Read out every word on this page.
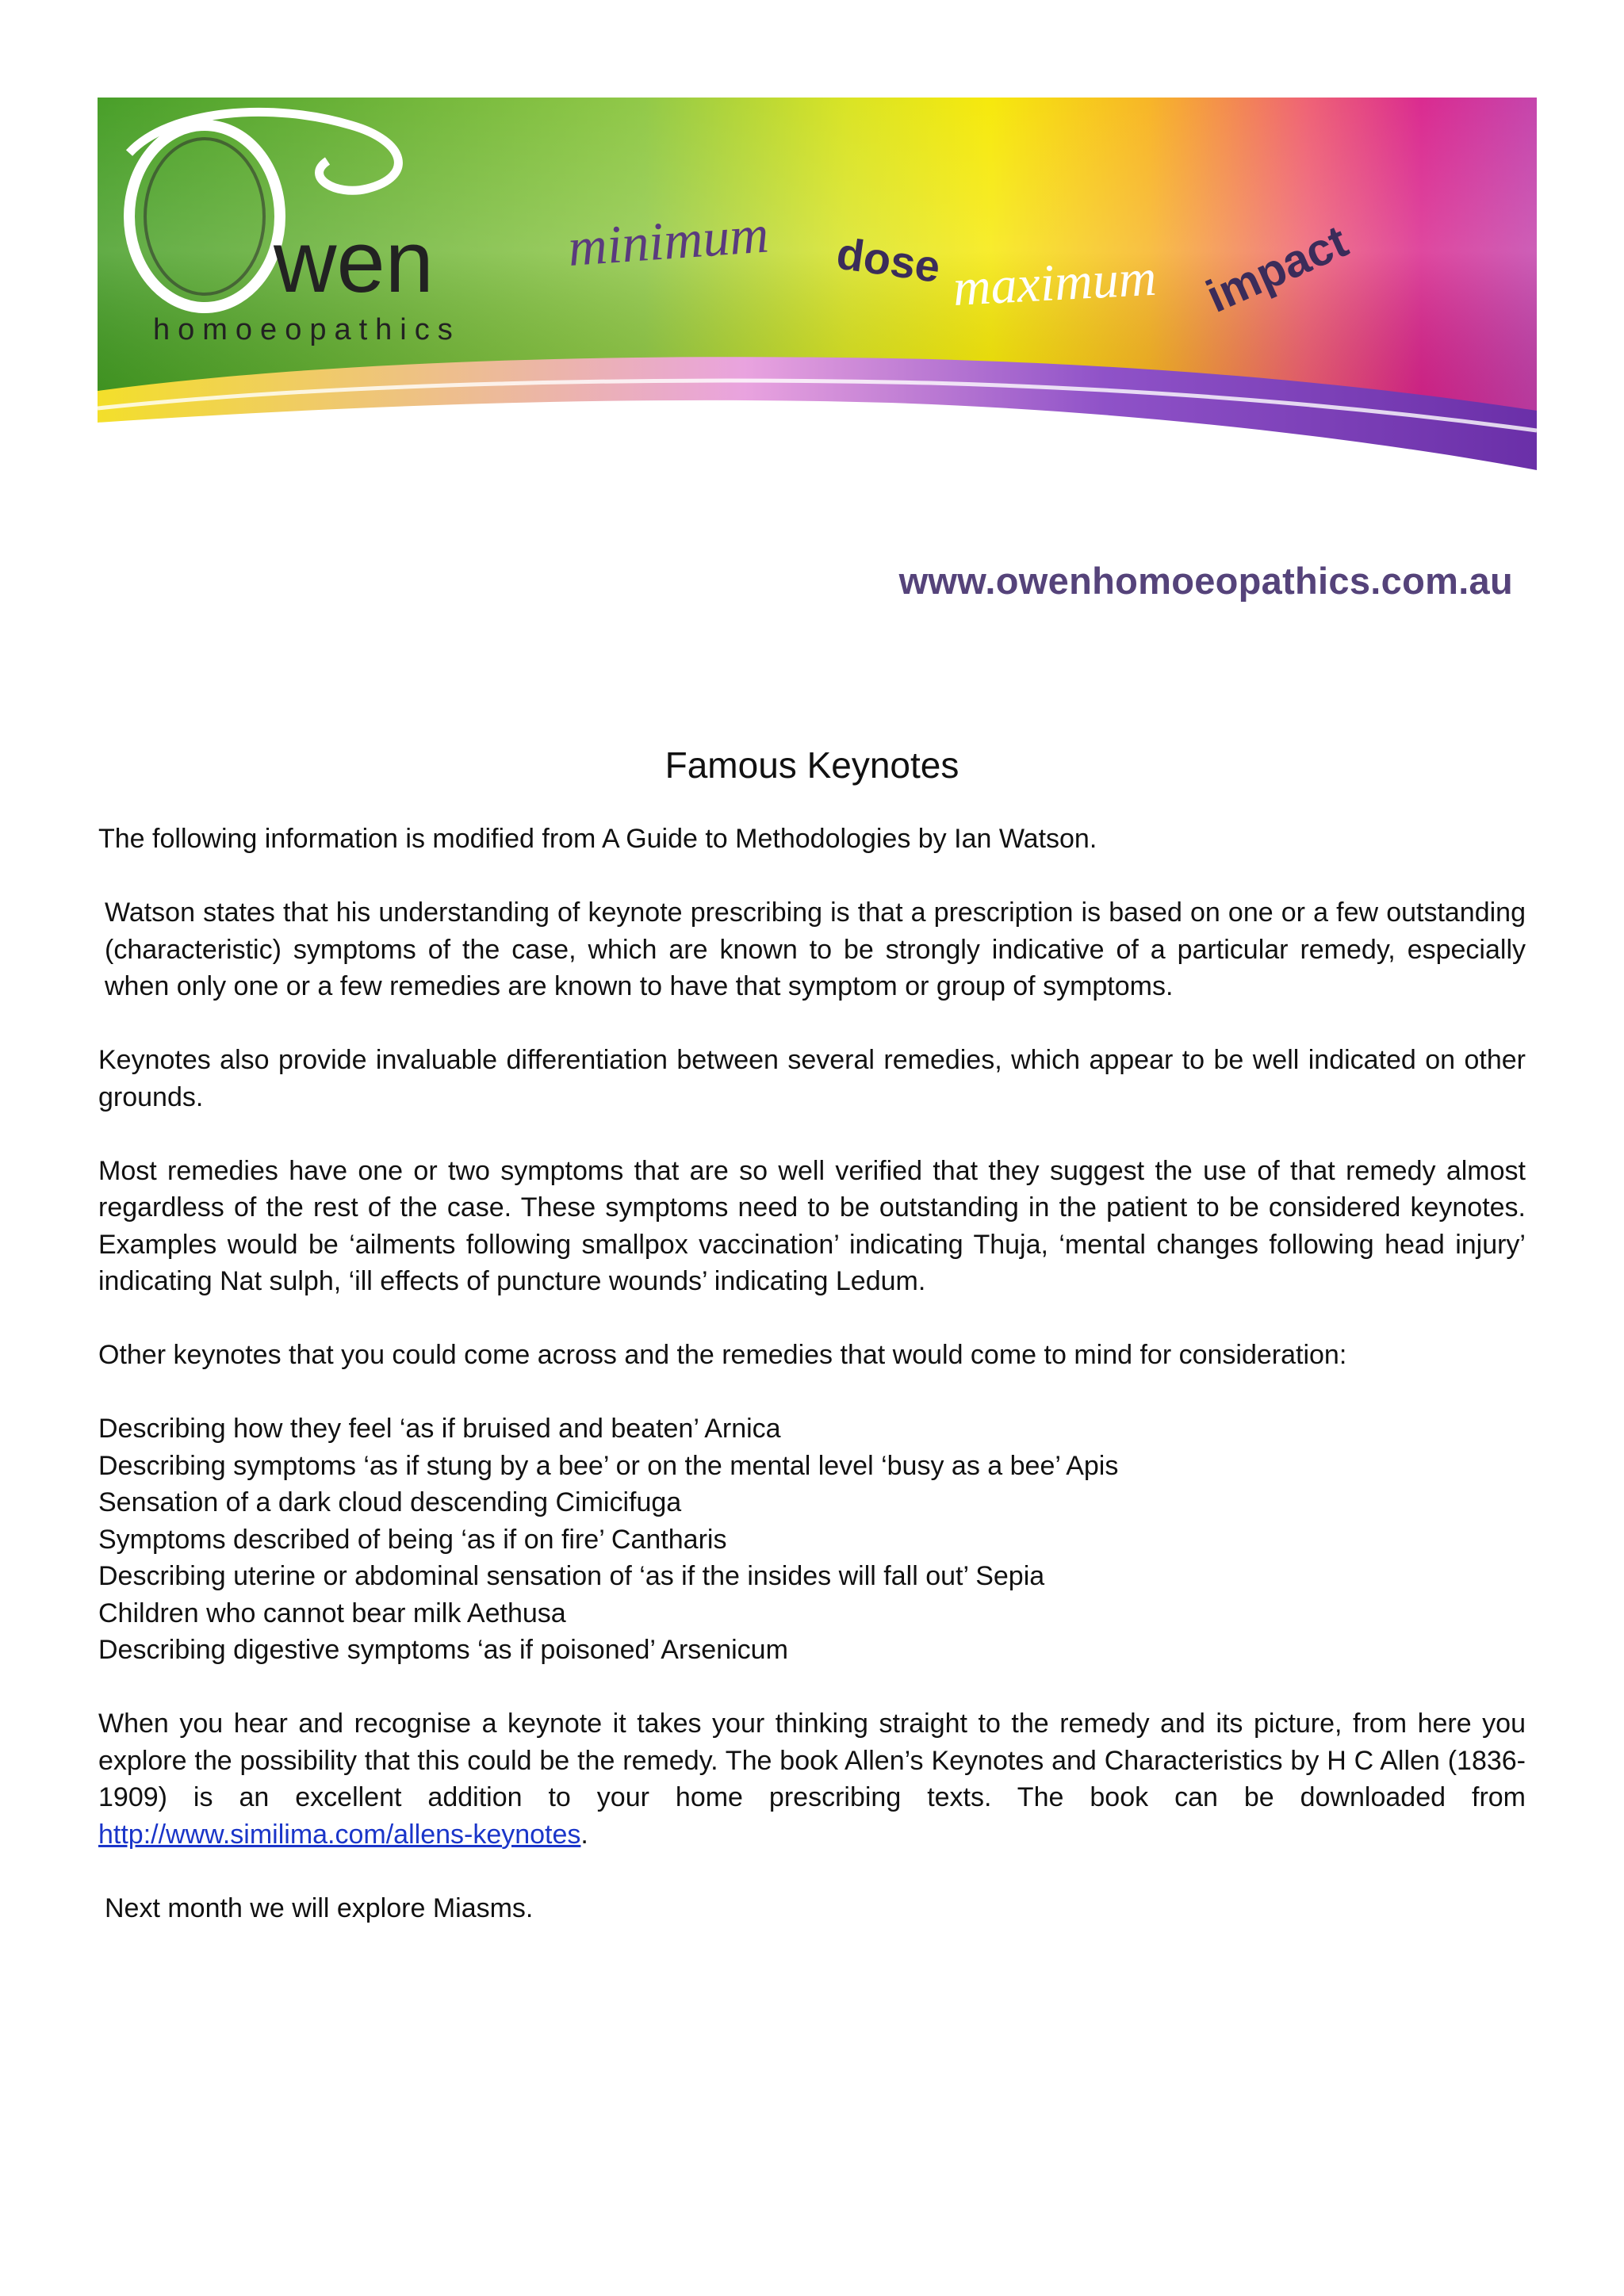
wen
homoeopathics
minimum dose maximum impact
www.owenhomoeopathics.com.au
Famous Keynotes

The following information is modified from A Guide to Methodologies by Ian Watson.

Watson states that his understanding of keynote prescribing is that a prescription is based on one or a few outstanding (characteristic) symptoms of the case, which are known to be strongly indicative of a particular remedy, especially when only one or a few remedies are known to have that symptom or group of symptoms.

Keynotes also provide invaluable differentiation between several remedies, which appear to be well indicated on other grounds.

Most remedies have one or two symptoms that are so well verified that they suggest the use of that remedy almost regardless of the rest of the case. These symptoms need to be outstanding in the patient to be considered keynotes. Examples would be ‘ailments following smallpox vaccination’ indicating Thuja, ‘mental changes following head injury’ indicating Nat sulph, ‘ill effects of puncture wounds’ indicating Ledum.

Other keynotes that you could come across and the remedies that would come to mind for consideration:

Describing how they feel ‘as if bruised and beaten’ Arnica
Describing symptoms ‘as if stung by a bee’ or on the mental level ‘busy as a bee’ Apis
Sensation of a dark cloud descending Cimicifuga
Symptoms described of being ‘as if on fire’ Cantharis
Describing uterine or abdominal sensation of ‘as if the insides will fall out’ Sepia
Children who cannot bear milk Aethusa
Describing digestive symptoms ‘as if poisoned’ Arsenicum

When you hear and recognise a keynote it takes your thinking straight to the remedy and its picture, from here you explore the possibility that this could be the remedy. The book Allen’s Keynotes and Characteristics by H C Allen (1836-1909) is an excellent addition to your home prescribing texts. The book can be downloaded from http://www.similima.com/allens-keynotes.

Next month we will explore Miasms.
